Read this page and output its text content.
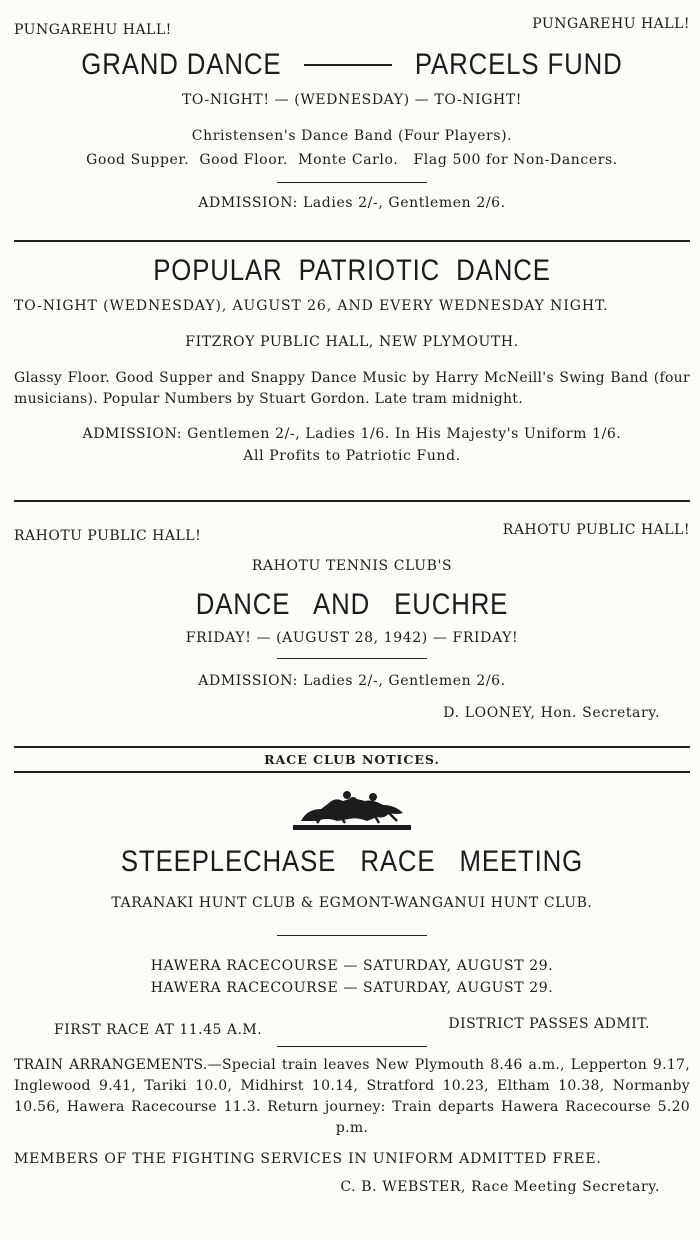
PUNGAREHU HALL!	PUNGAREHU HALL!
GRAND DANCE	PARCELS FUND

TO-NIGHT! — (WEDNESDAY) — TO-NIGHT!

Christensen's Dance Band (Four Players).

Good Supper.  Good Floor.  Monte Carlo.   Flag 500 for Non-Dancers.

ADMISSION: Ladies 2/-, Gentlemen 2/6.

POPULAR  PATRIOTIC  DANCE

TO-NIGHT (WEDNESDAY), AUGUST 26, AND EVERY WEDNESDAY NIGHT.

FITZROY PUBLIC HALL, NEW PLYMOUTH.

Glassy Floor. Good Supper and Snappy Dance Music by Harry McNeill's Swing Band (four musicians). Popular Numbers by Stuart Gordon. Late tram midnight.

ADMISSION: Gentlemen 2/-, Ladies 1/6. In His Majesty's Uniform 1/6.

All Profits to Patriotic Fund.

RAHOTU PUBLIC HALL!	RAHOTU PUBLIC HALL!

RAHOTU TENNIS CLUB'S

DANCE   AND   EUCHRE

FRIDAY! — (AUGUST 28, 1942) — FRIDAY!

ADMISSION: Ladies 2/-, Gentlemen 2/6.

D. LOONEY, Hon. Secretary.

RACE CLUB NOTICES.

STEEPLECHASE   RACE   MEETING

TARANAKI HUNT CLUB & EGMONT-WANGANUI HUNT CLUB.

HAWERA RACECOURSE — SATURDAY, AUGUST 29.

HAWERA RACECOURSE — SATURDAY, AUGUST 29.

FIRST RACE AT 11.45 A.M.	DISTRICT PASSES ADMIT.

TRAIN ARRANGEMENTS.—Special train leaves New Plymouth 8.46 a.m., Lepperton 9.17, Inglewood 9.41, Tariki 10.0, Midhirst 10.14, Stratford 10.23, Eltham 10.38, Normanby 10.56, Hawera Racecourse 11.3. Return journey: Train departs Hawera Racecourse 5.20 p.m.

MEMBERS OF THE FIGHTING SERVICES IN UNIFORM ADMITTED FREE.

C. B. WEBSTER, Race Meeting Secretary.
